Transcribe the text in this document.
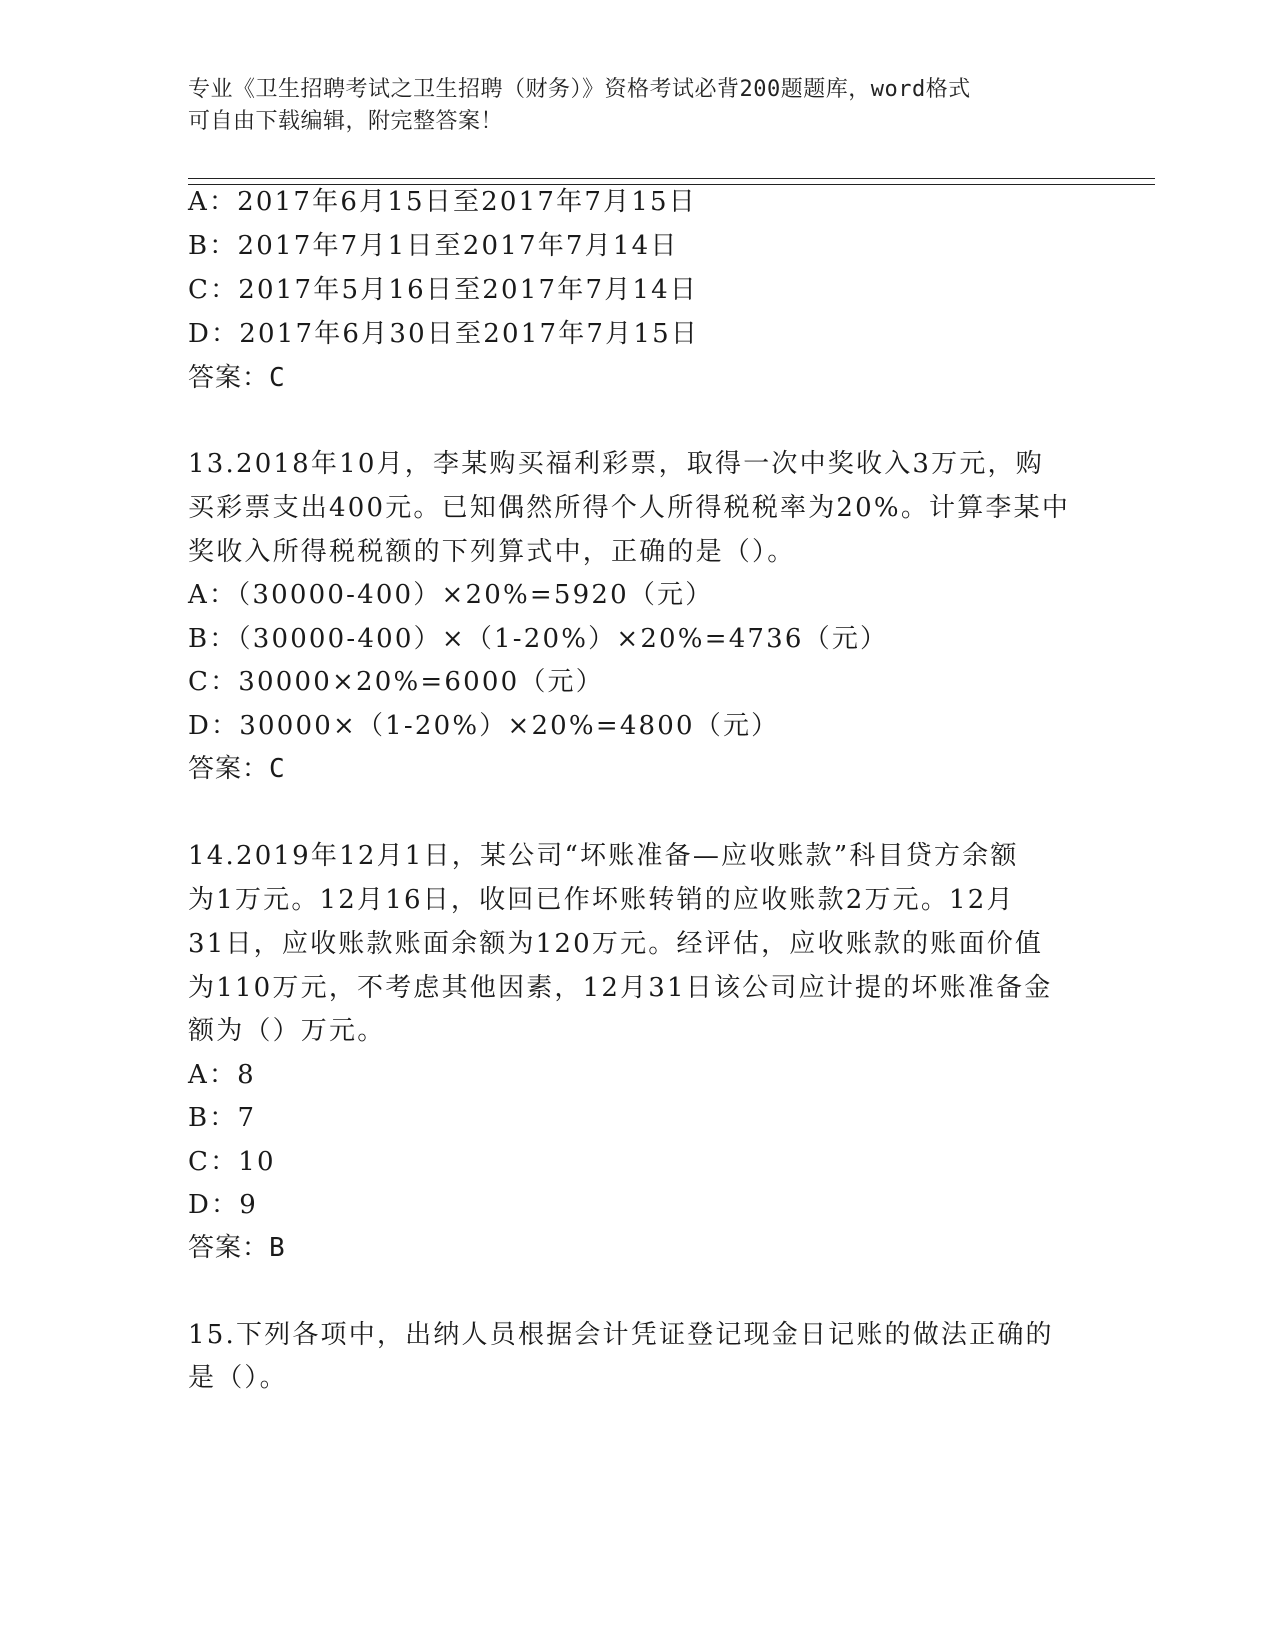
专业《卫生招聘考试之卫生招聘（财务）》资格考试必背200题题库，word格式
可自由下载编辑，附完整答案！
A：2017年6月15日至2017年7月15日
B：2017年7月1日至2017年7月14日
C：2017年5月16日至2017年7月14日
D：2017年6月30日至2017年7月15日
答案：C
13.2018年10月，李某购买福利彩票，取得一次中奖收入3万元，购
买彩票支出400元。已知偶然所得个人所得税税率为20%。计算李某中
奖收入所得税税额的下列算式中，正确的是（）。
A：（30000-400）×20%=5920（元）
B：（30000-400）×（1-20%）×20%=4736（元）
C：30000×20%=6000（元）
D：30000×（1-20%）×20%=4800（元）
答案：C
14.2019年12月1日，某公司“坏账准备—应收账款”科目贷方余额
为1万元。12月16日，收回已作坏账转销的应收账款2万元。12月
31日，应收账款账面余额为120万元。经评估，应收账款的账面价值
为110万元，不考虑其他因素，12月31日该公司应计提的坏账准备金
额为（）万元。
A：8
B：7
C：10
D：9
答案：B
15.下列各项中，出纳人员根据会计凭证登记现金日记账的做法正确的
是（）。
